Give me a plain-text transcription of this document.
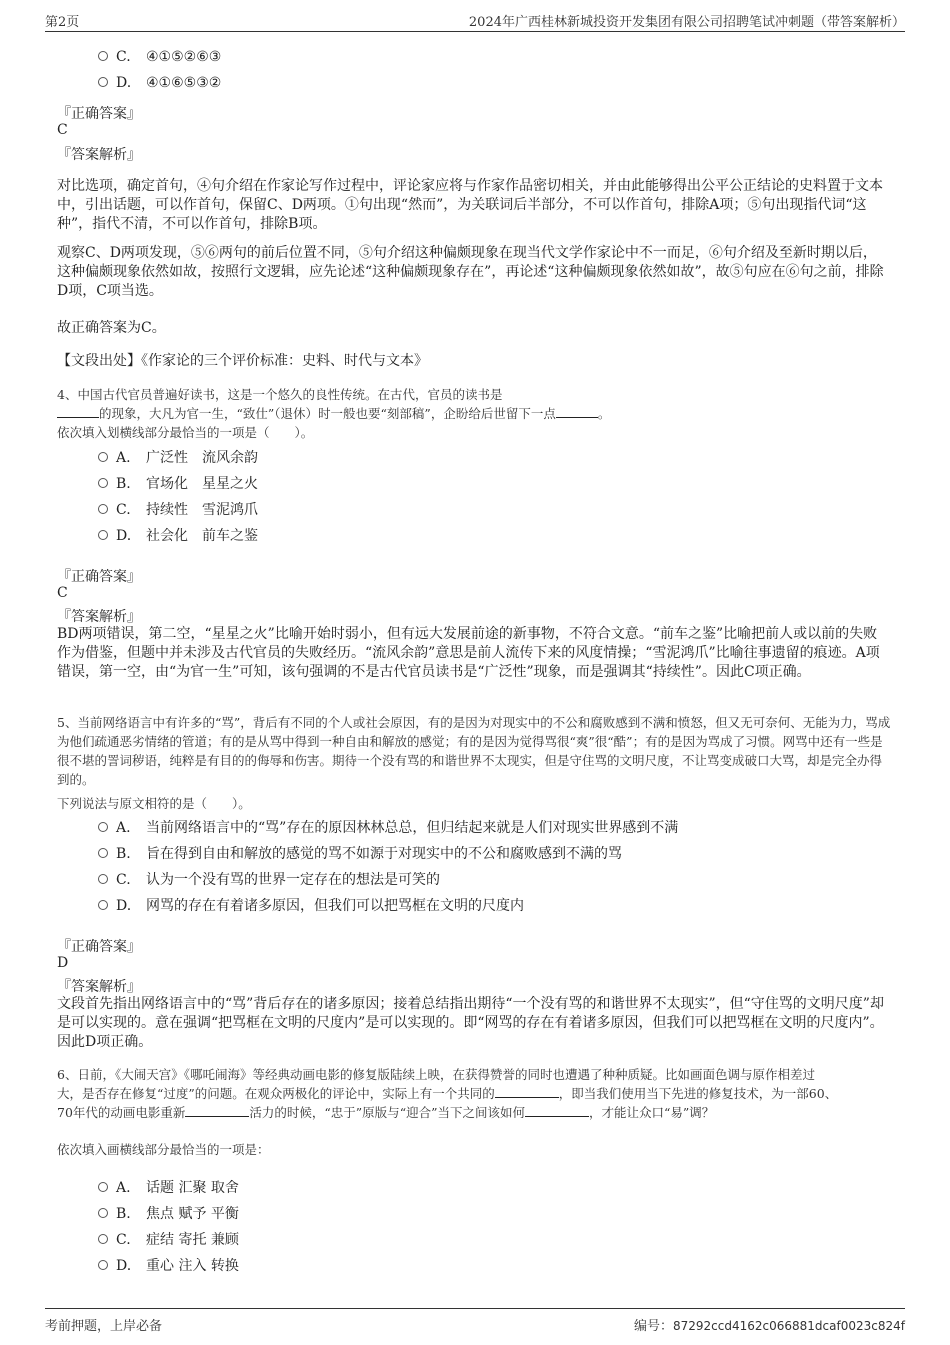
第2页	2024年广西桂林新城投资开发集团有限公司招聘笔试冲刺题（带答案解析）
C. ④①⑤②⑥③
D. ④①⑥⑤③②
『正确答案』
C
『答案解析』
对比选项，确定首句，④句介绍在作家论写作过程中，评论家应将与作家作品密切相关，并由此能够得出公平公正结论的史料置于文本中，引出话题，可以作首句，保留C、D两项。①句出现“然而”，为关联词后半部分，不可以作首句，排除A项；⑤句出现指代词“这种”，指代不清，不可以作首句，排除B项。
观察C、D两项发现，⑤⑥两句的前后位置不同，⑤句介绍这种偏颇现象在现当代文学作家论中不一而足，⑥句介绍及至新时期以后，这种偏颇现象依然如故，按照行文逻辑，应先论述“这种偏颇现象存在”，再论述“这种偏颇现象依然如故”，故⑤句应在⑥句之前，排除D项，C项当选。
故正确答案为C。
【文段出处】《作家论的三个评价标准：史料、时代与文本》
4、中国古代官员普遍好读书，这是一个悠久的良性传统。在古代，官员的读书是
的现象，大凡为官一生，“致仕”（退休）时一般也要“刻部稿”，企盼给后世留下一点	。
依次填入划横线部分最恰当的一项是（　　）。
A. 广泛性　流风余韵
B. 官场化　星星之火
C. 持续性　雪泥鸿爪
D. 社会化　前车之鉴
『正确答案』
C
『答案解析』
BD两项错误，第二空，“星星之火”比喻开始时弱小，但有远大发展前途的新事物，不符合文意。“前车之鉴”比喻把前人或以前的失败作为借鉴，但题中并未涉及古代官员的失败经历。“流风余韵”意思是前人流传下来的风度情操；“雪泥鸿爪”比喻往事遗留的痕迹。A项错误，第一空，由“为官一生”可知，该句强调的不是古代官员读书是“广泛性”现象，而是强调其“持续性”。因此C项正确。
5、当前网络语言中有许多的“骂”，背后有不同的个人或社会原因，有的是因为对现实中的不公和腐败感到不满和愤怒，但又无可奈何、无能为力，骂成为他们疏通恶劣情绪的管道；有的是从骂中得到一种自由和解放的感觉；有的是因为觉得骂很“爽”很“酷”；有的是因为骂成了习惯。网骂中还有一些是很不堪的詈词秽语，纯粹是有目的的侮辱和伤害。期待一个没有骂的和谐世界不太现实，但是守住骂的文明尺度，不让骂变成破口大骂，却是完全办得到的。
下列说法与原文相符的是（　　）。
A. 当前网络语言中的“骂”存在的原因林林总总，但归结起来就是人们对现实世界感到不满
B. 旨在得到自由和解放的感觉的骂不如源于对现实中的不公和腐败感到不满的骂
C. 认为一个没有骂的世界一定存在的想法是可笑的
D. 网骂的存在有着诸多原因，但我们可以把骂框在文明的尺度内
『正确答案』
D
『答案解析』
文段首先指出网络语言中的“骂”背后存在的诸多原因；接着总结指出期待“一个没有骂的和谐世界不太现实”，但“守住骂的文明尺度”却是可以实现的。意在强调“把骂框在文明的尺度内”是可以实现的。即“网骂的存在有着诸多原因，但我们可以把骂框在文明的尺度内”。因此D项正确。
6、日前，《大闹天宫》《哪吒闹海》等经典动画电影的修复版陆续上映，在获得赞誉的同时也遭遇了种种质疑。比如画面色调与原作相差过
大，是否存在修复“过度”的问题。在观众两极化的评论中，实际上有一个共同的	，即当我们使用当下先进的修复技术，为一部60、
70年代的动画电影重新	活力的时候，“忠于”原版与“迎合”当下之间该如何	，才能让众口“易”调？
依次填入画横线部分最恰当的一项是：
A. 话题 汇聚 取舍
B. 焦点 赋予 平衡
C. 症结 寄托 兼顾
D. 重心 注入 转换
考前押题，上岸必备	编号：87292ccd4162c066881dcaf0023c824f
